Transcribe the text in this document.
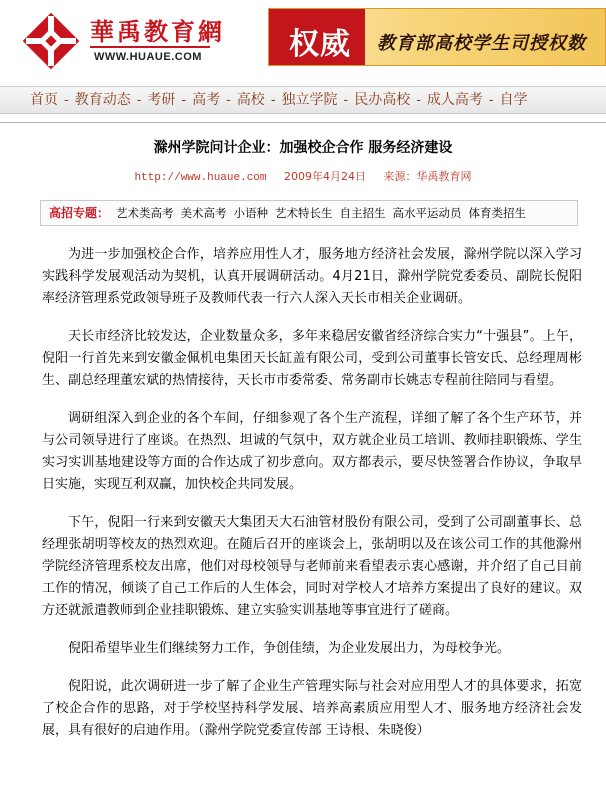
華禹教育網
WWW.HUAUE.COM	权威 教育部高校学生司授权数
首页 - 教育动态 - 考研 - 高考 - 高校 - 独立学院 - 民办高校 - 成人高考 - 自学
滁州学院问计企业：加强校企合作 服务经济建设
http://www.huaue.com 2009年4月24日 来源：华禹教育网
高招专题： 艺术类高考 美术高考 小语种 艺术特长生 自主招生 高水平运动员 体育类招生

为进一步加强校企合作，培养应用性人才，服务地方经济社会发展，滁州学院以深入学习实践科学发展观活动为契机，认真开展调研活动。4月21日，滁州学院党委委员、副院长倪阳率经济管理系党政领导班子及教师代表一行六人深入天长市相关企业调研。

天长市经济比较发达，企业数量众多，多年来稳居安徽省经济综合实力“十强县”。上午，倪阳一行首先来到安徽金佩机电集团天长缸盖有限公司，受到公司董事长管安氏、总经理周彬生、副总经理董宏斌的热情接待，天长市市委常委、常务副市长姚志专程前往陪同与看望。

调研组深入到企业的各个车间，仔细参观了各个生产流程，详细了解了各个生产环节，并与公司领导进行了座谈。在热烈、坦诚的气氛中，双方就企业员工培训、教师挂职锻炼、学生实习实训基地建设等方面的合作达成了初步意向。双方都表示，要尽快签署合作协议，争取早日实施，实现互利双赢，加快校企共同发展。

下午，倪阳一行来到安徽天大集团天大石油管材股份有限公司，受到了公司副董事长、总经理张胡明等校友的热烈欢迎。在随后召开的座谈会上，张胡明以及在该公司工作的其他滁州学院经济管理系校友出席，他们对母校领导与老师前来看望表示衷心感谢，并介绍了自己目前工作的情况，倾谈了自己工作后的人生体会，同时对学校人才培养方案提出了良好的建议。双方还就派遣教师到企业挂职锻炼、建立实验实训基地等事宜进行了磋商。

倪阳希望毕业生们继续努力工作，争创佳绩，为企业发展出力，为母校争光。

倪阳说，此次调研进一步了解了企业生产管理实际与社会对应用型人才的具体要求，拓宽了校企合作的思路，对于学校坚持科学发展、培养高素质应用型人才、服务地方经济社会发展，具有很好的启迪作用。（滁州学院党委宣传部 王诗根、朱晓俊）
